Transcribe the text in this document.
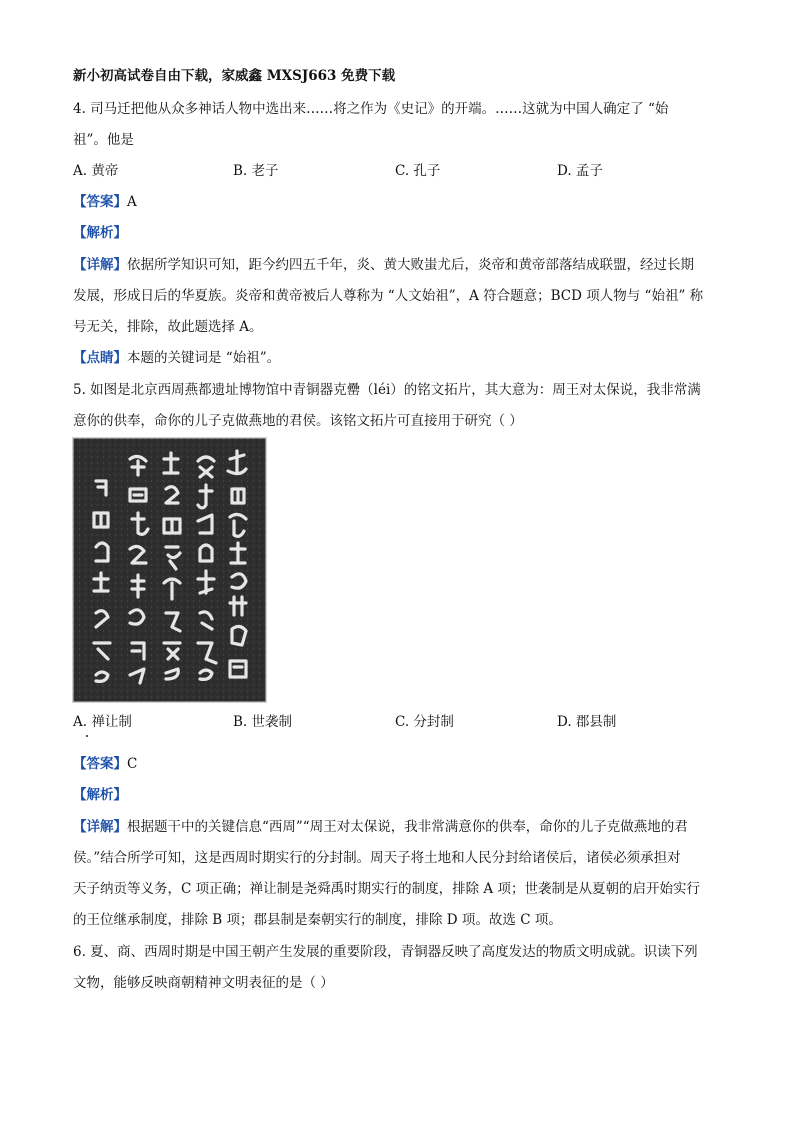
新小初高试卷自由下载，家威鑫 MXSJ663 免费下载
4. 司马迁把他从众多神话人物中选出来……将之作为《史记》的开端。……这就为中国人确定了 “始
祖”。他是
A. 黄帝	B. 老子	C. 孔子	D. 孟子
【答案】A
【解析】
【详解】依据所学知识可知，距今约四五千年，炎、黄大败蚩尤后，炎帝和黄帝部落结成联盟，经过长期
发展，形成日后的华夏族。炎帝和黄帝被后人尊称为 “人文始祖”，A 符合题意；BCD 项人物与 “始祖” 称
号无关，排除，故此题选择 A。
【点睛】本题的关键词是 “始祖”。
5. 如图是北京西周燕都遗址博物馆中青铜器克罍（léi）的铭文拓片，其大意为：周王对太保说，我非常满
意你的供奉，命你的儿子克做燕地的君侯。该铭文拓片可直接用于研究（ ）
A. 禅让制	B. 世袭制	C. 分封制	D. 郡县制
【答案】C
【解析】
【详解】根据题干中的关键信息“西周”“周王对太保说，我非常满意你的供奉，命你的儿子克做燕地的君
侯。”结合所学可知，这是西周时期实行的分封制。周天子将土地和人民分封给诸侯后，诸侯必须承担对
天子纳贡等义务，C 项正确；禅让制是尧舜禹时期实行的制度，排除 A 项；世袭制是从夏朝的启开始实行
的王位继承制度，排除 B 项；郡县制是秦朝实行的制度，排除 D 项。故选 C 项。
6. 夏、商、西周时期是中国王朝产生发展的重要阶段，青铜器反映了高度发达的物质文明成就。识读下列
文物，能够反映商朝精神文明表征的是（ ）
